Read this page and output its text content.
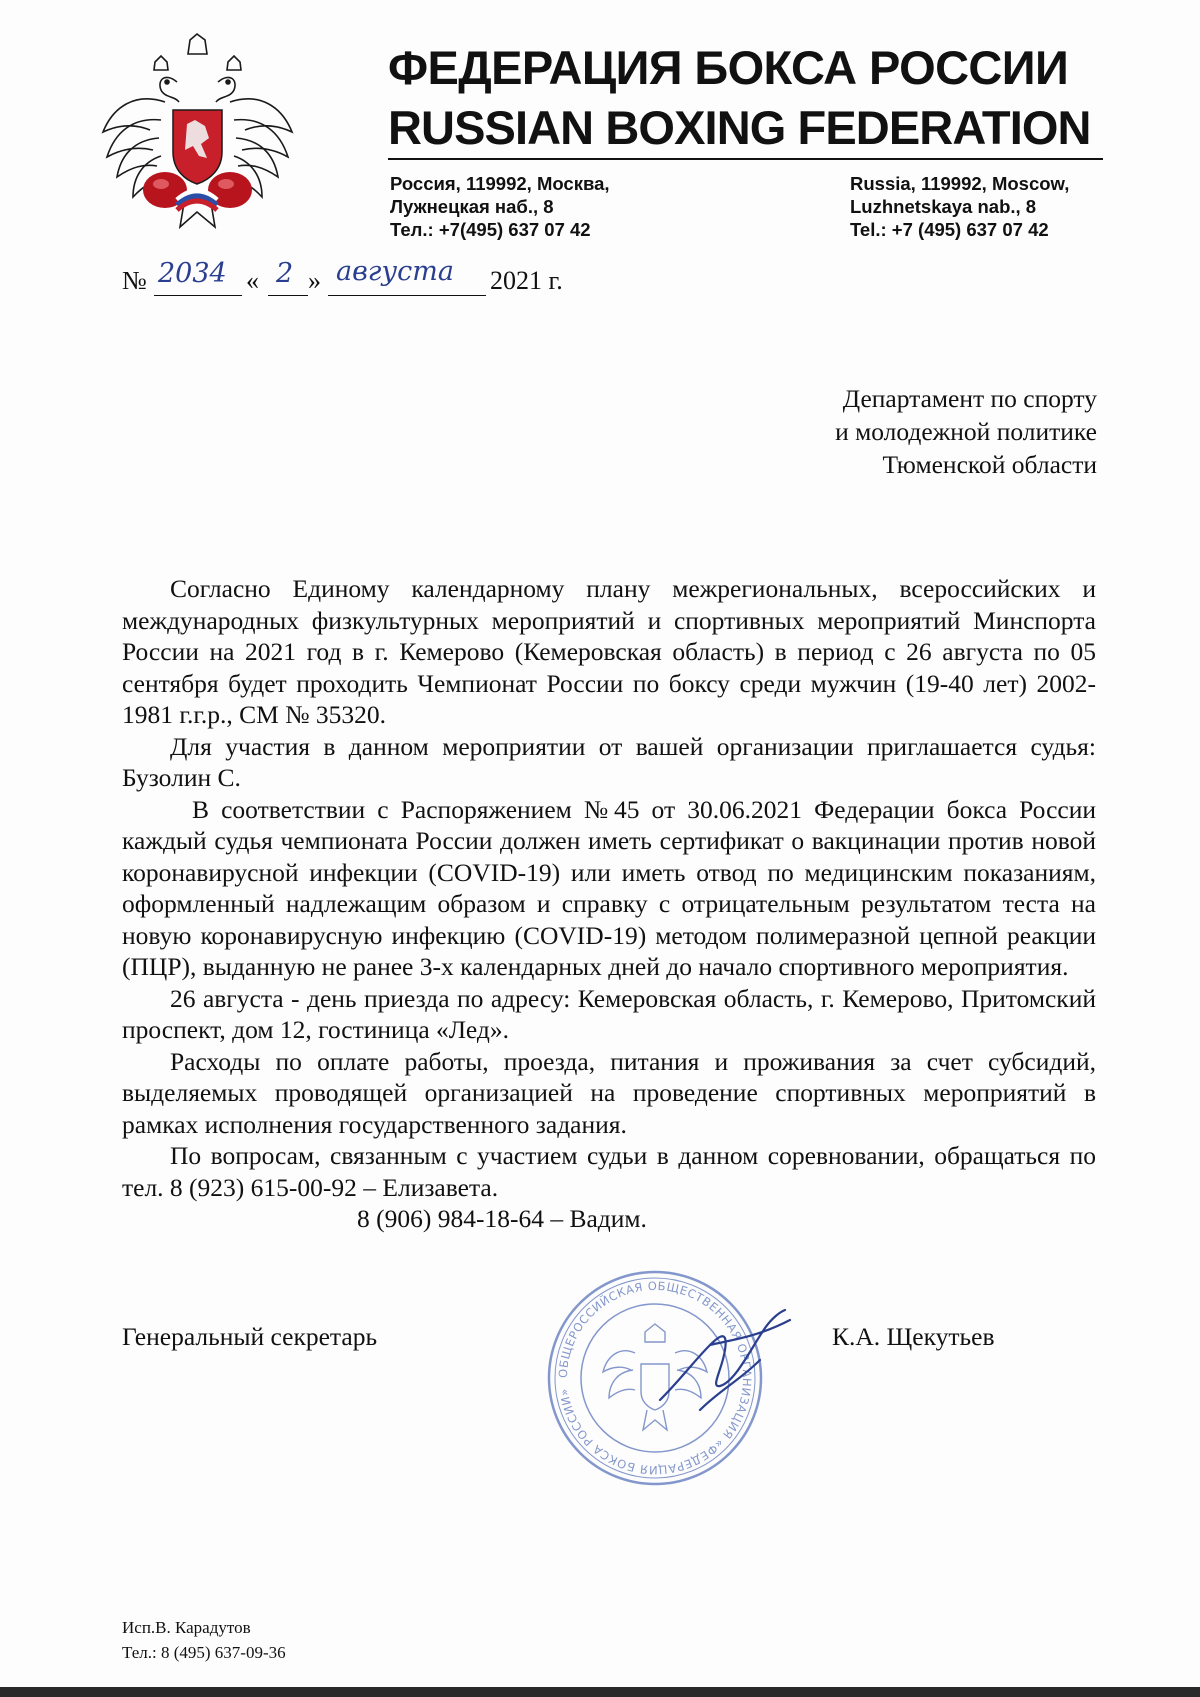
ФЕДЕРАЦИЯ БОКСА РОССИИ
RUSSIAN BOXING FEDERATION
Россия, 119992, Москва,
Лужнецкая наб., 8
Тел.: +7(495) 637 07 42
Russia, 119992, Moscow,
Luzhnetskaya nab., 8
Tel.: +7 (495) 637 07 42
№ 2034 « 2 » августа 2021 г.
Департамент по спорту
и молодежной политике
Тюменской области

Согласно Единому календарному плану межрегиональных, всероссийских и международных физкультурных мероприятий и спортивных мероприятий Минспорта России на 2021 год в г. Кемерово (Кемеровская область) в период с 26 августа по 05 сентября будет проходить Чемпионат России по боксу среди мужчин (19-40 лет) 2002-1981 г.г.р., СМ № 35320.

Для участия в данном мероприятии от вашей организации приглашается судья: Бузолин С.

В соответствии с Распоряжением №45 от 30.06.2021 Федерации бокса России каждый судья чемпионата России должен иметь сертификат о вакцинации против новой коронавирусной инфекции (COVID-19) или иметь отвод по медицинским показаниям, оформленный надлежащим образом и справку с отрицательным результатом теста на новую коронавирусную инфекцию (COVID-19) методом полимеразной цепной реакции (ПЦР), выданную не ранее 3-х календарных дней до начало спортивного мероприятия.

26 августа - день приезда по адресу: Кемеровская область, г. Кемерово, Притомский проспект, дом 12, гостиница «Лед».

Расходы по оплате работы, проезда, питания и проживания за счет субсидий, выделяемых проводящей организацией на проведение спортивных мероприятий в рамках исполнения государственного задания.

По вопросам, связанным с участием судьи в данном соревновании, обращаться по тел. 8 (923) 615-00-92 – Елизавета.

8 (906) 984-18-64 – Вадим.

Генеральный секретарь	К.А. Щекутьев
ОБЩЕРОССИЙСКАЯ ОБЩЕСТВЕННАЯ ОРГАНИЗАЦИЯ «ФЕДЕРАЦИЯ БОКСА РОССИИ»
Исп.В. Карадутов
Тел.: 8 (495) 637-09-36
